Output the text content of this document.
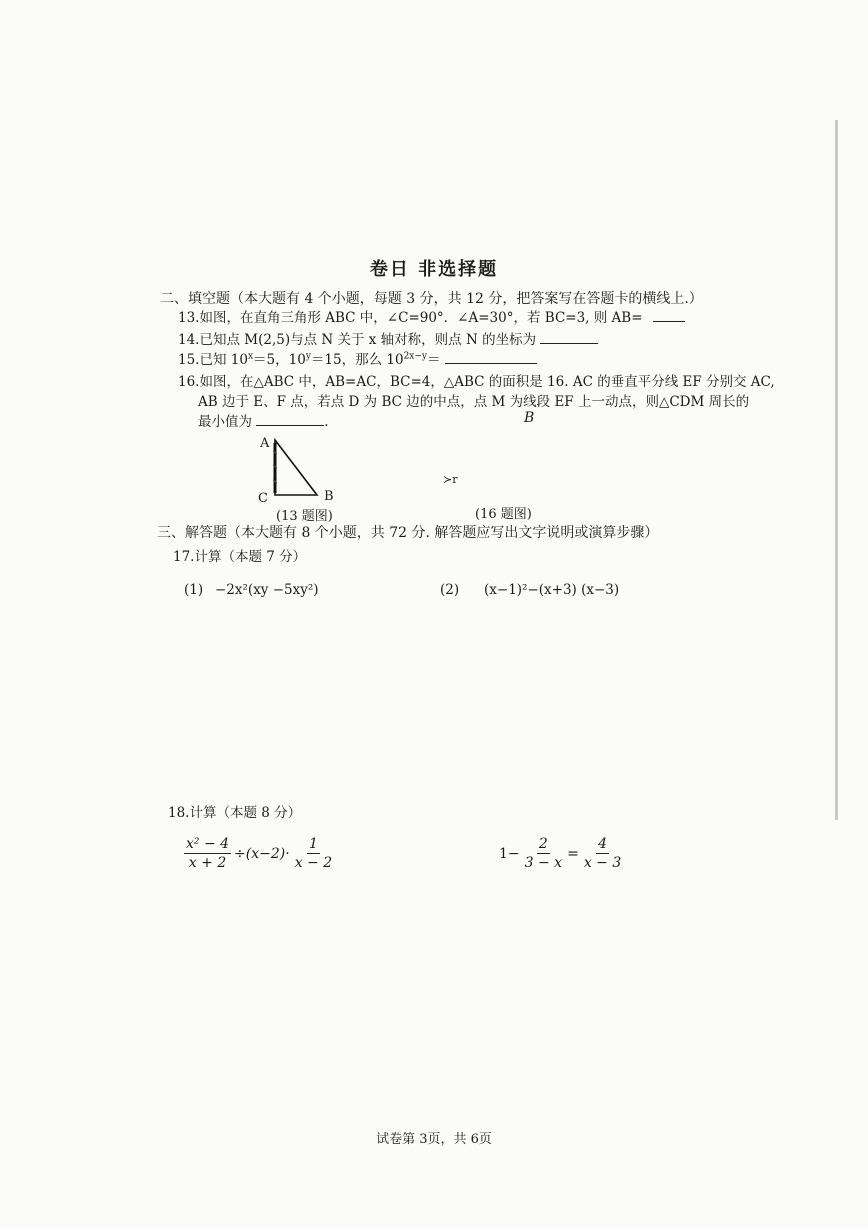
卷日 非选择题
二、填空题（本大题有 4 个小题，每题 3 分，共 12 分，把答案写在答题卡的横线上.）
13.如图，在直角三角形 ABC 中，∠C=90°．∠A=30°，若 BC=3, 则 AB=
14.已知点 M(2,5)与点 N 关于 x 轴对称，则点 N 的坐标为
15.已知 $10^x=5$，$10^y=15$，那么 $10^{2x-y}=$
16.如图，在△ABC 中，AB=AC，BC=4，△ABC 的面积是 16. AC 的垂直平分线 EF 分别交 AC,
AB 边于 E、F 点，若点 D 为 BC 边的中点，点 M 为线段 EF 上一动点，则△CDM 周长的
最小值为	.	B
≻r
A
C	B
(13 题图)	(16 题图)
三、解答题（本大题有 8 个小题，共 72 分. 解答题应写出文字说明或演算步骤）
17.计算（本题 7 分）
(1) −2x²(xy −5xy²)	(2) (x−1)²−(x+3) (x−3)
18.计算（本题 8 分）
$\frac{\text{x² − 4}}{x + 2} \div(x-2)\cdot \frac{1}{x - 2}$	$1- \frac{2}{3 - x} = \frac{4}{x - 3}$
试卷第 3页，共 6页
